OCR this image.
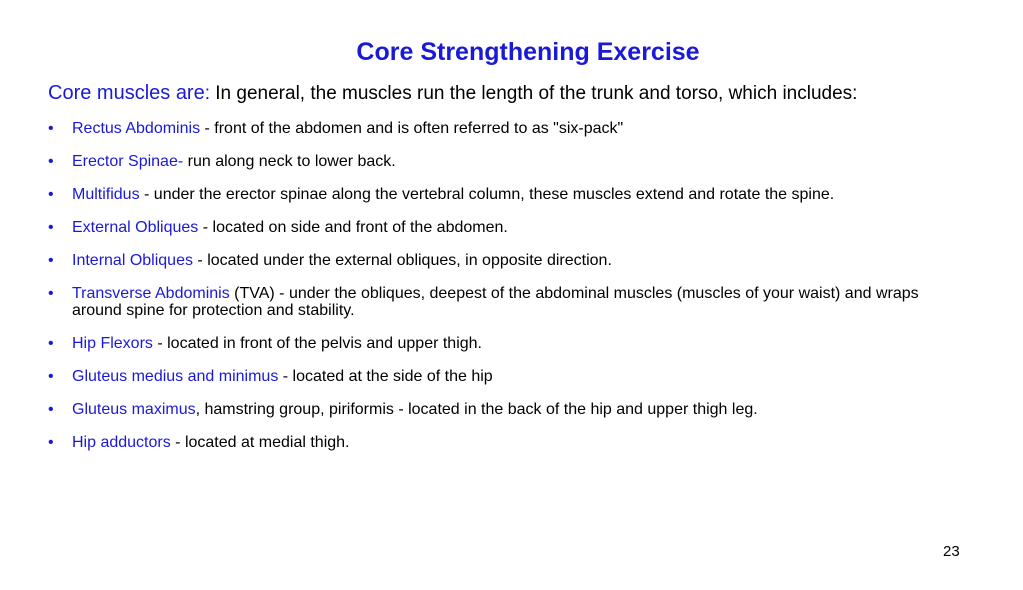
Core Strengthening Exercise
Core muscles are: In general, the muscles run the length of the trunk and torso, which includes:
• Rectus Abdominis - front of the abdomen and is often referred to as "six-pack"
• Erector Spinae- run along neck to lower back.
• Multifidus - under the erector spinae along the vertebral column, these muscles extend and rotate the spine.
• External Obliques - located on side and front of the abdomen.
• Internal Obliques - located under the external obliques, in opposite direction.
• Transverse Abdominis (TVA) - under the obliques, deepest of the abdominal muscles (muscles of your waist) and wraps around spine for protection and stability.
• Hip Flexors - located in front of the pelvis and upper thigh.
• Gluteus medius and minimus - located at the side of the hip
• Gluteus maximus, hamstring group, piriformis - located in the back of the hip and upper thigh leg.
• Hip adductors - located at medial thigh.
23
